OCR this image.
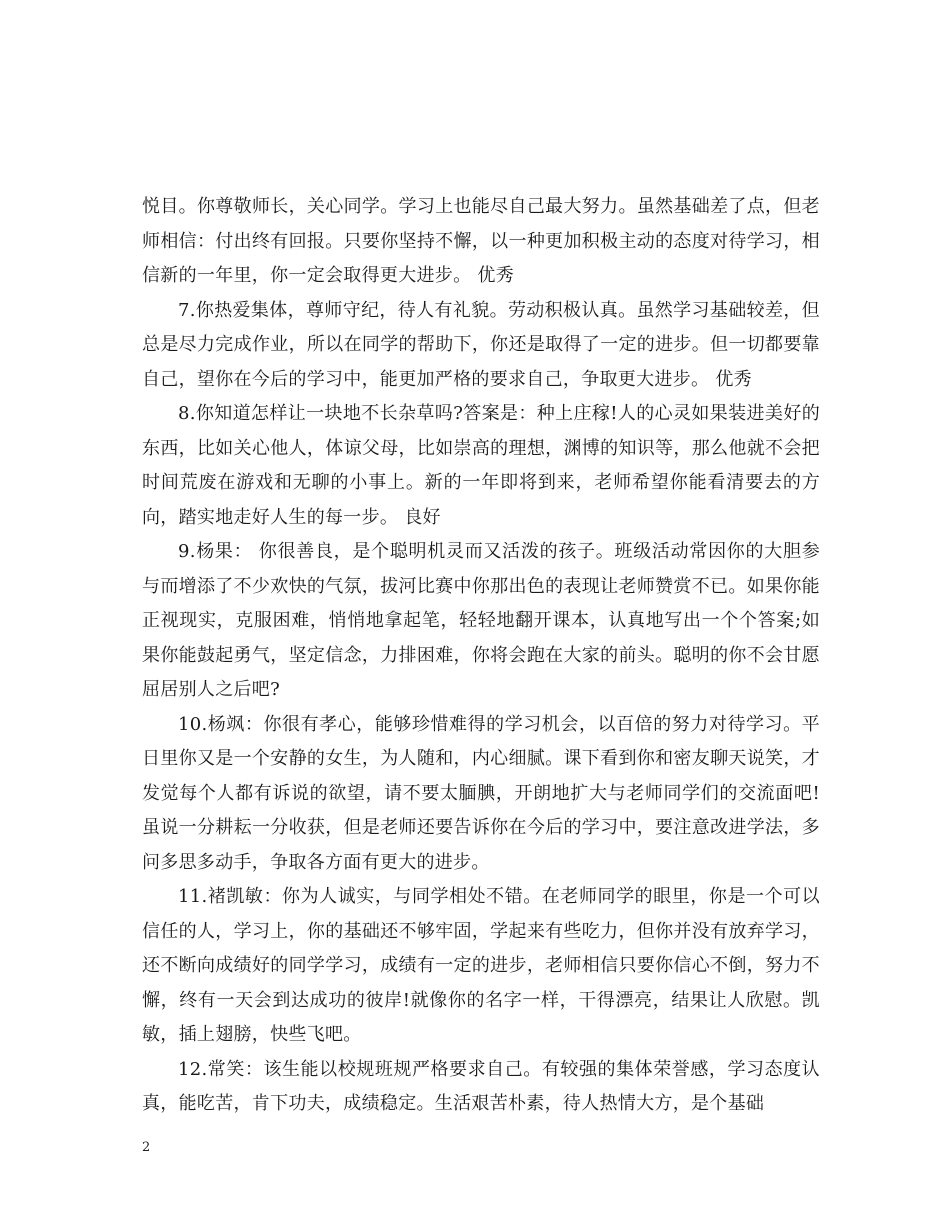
悦目。你尊敬师长，关心同学。学习上也能尽自己最大努力。虽然基础差了点，但老师相信：付出终有回报。只要你坚持不懈，以一种更加积极主动的态度对待学习，相信新的一年里，你一定会取得更大进步。 优秀

7.你热爱集体，尊师守纪，待人有礼貌。劳动积极认真。虽然学习基础较差，但总是尽力完成作业，所以在同学的帮助下，你还是取得了一定的进步。但一切都要靠自己，望你在今后的学习中，能更加严格的要求自己，争取更大进步。 优秀

8.你知道怎样让一块地不长杂草吗?答案是：种上庄稼!人的心灵如果装进美好的东西，比如关心他人，体谅父母，比如崇高的理想，渊博的知识等，那么他就不会把时间荒废在游戏和无聊的小事上。新的一年即将到来，老师希望你能看清要去的方向，踏实地走好人生的每一步。 良好

9.杨果： 你很善良，是个聪明机灵而又活泼的孩子。班级活动常因你的大胆参与而增添了不少欢快的气氛，拔河比赛中你那出色的表现让老师赞赏不已。如果你能正视现实，克服困难，悄悄地拿起笔，轻轻地翻开课本，认真地写出一个个答案;如果你能鼓起勇气，坚定信念，力排困难，你将会跑在大家的前头。聪明的你不会甘愿屈居别人之后吧?

10.杨飒：你很有孝心，能够珍惜难得的学习机会，以百倍的努力对待学习。平日里你又是一个安静的女生，为人随和，内心细腻。课下看到你和密友聊天说笑，才发觉每个人都有诉说的欲望，请不要太腼腆，开朗地扩大与老师同学们的交流面吧!虽说一分耕耘一分收获，但是老师还要告诉你在今后的学习中，要注意改进学法，多问多思多动手，争取各方面有更大的进步。

11.褚凯敏：你为人诚实，与同学相处不错。在老师同学的眼里，你是一个可以信任的人，学习上，你的基础还不够牢固，学起来有些吃力，但你并没有放弃学习，还不断向成绩好的同学学习，成绩有一定的进步，老师相信只要你信心不倒，努力不懈，终有一天会到达成功的彼岸!就像你的名字一样，干得漂亮，结果让人欣慰。凯敏，插上翅膀，快些飞吧。

12.常笑：该生能以校规班规严格要求自己。有较强的集体荣誉感，学习态度认真，能吃苦，肯下功夫，成绩稳定。生活艰苦朴素，待人热情大方，是个基础

2
